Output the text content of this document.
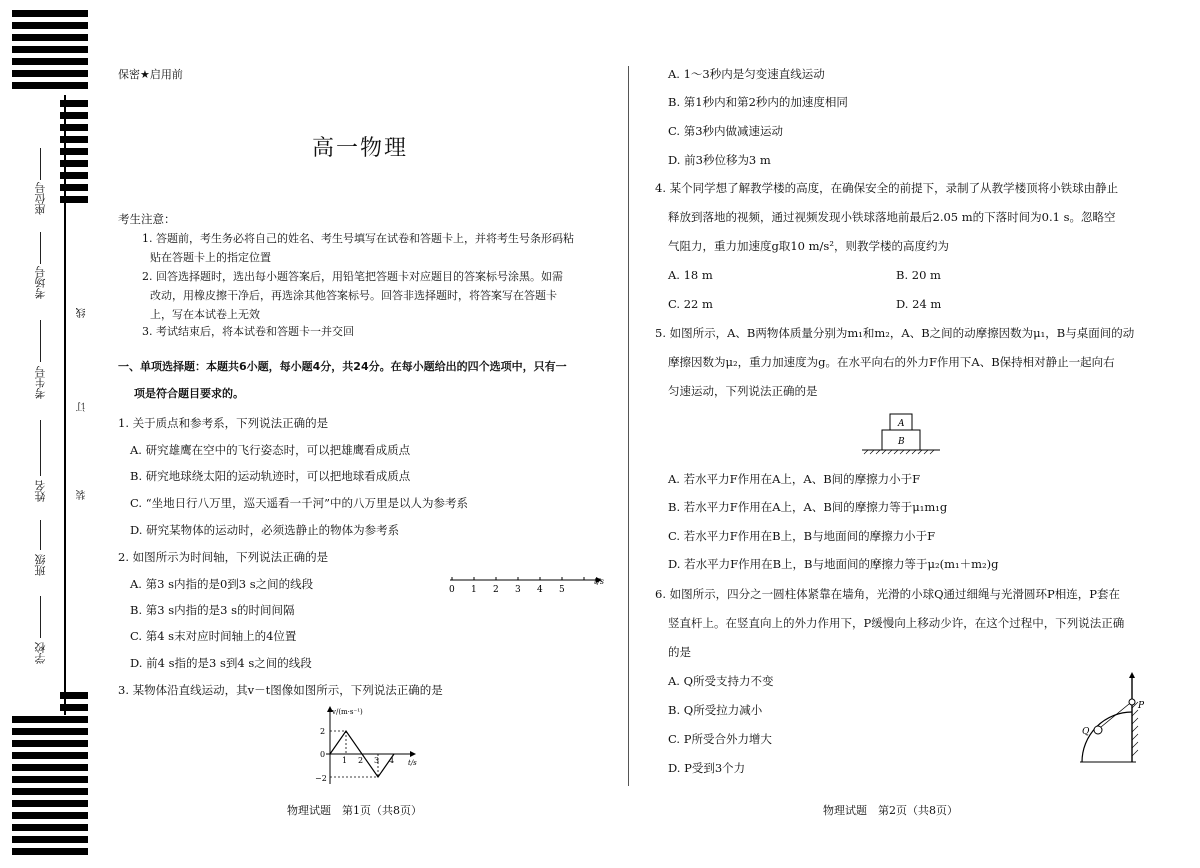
座位号
考场号
考生号
姓名
班级
学校
线
订
装
保密★启用前
高一物理
考生注意：
1. 答题前，考生务必将自己的姓名、考生号填写在试卷和答题卡上，并将考生号条形码粘
贴在答题卡上的指定位置
2. 回答选择题时，选出每小题答案后，用铅笔把答题卡对应题目的答案标号涂黑。如需
改动，用橡皮擦干净后，再选涂其他答案标号。回答非选择题时，将答案写在答题卡
上，写在本试卷上无效
3. 考试结束后，将本试卷和答题卡一并交回
一、单项选择题：本题共6小题，每小题4分，共24分。在每小题给出的四个选项中，只有一
项是符合题目要求的。
1. 关于质点和参考系，下列说法正确的是
A. 研究雄鹰在空中的飞行姿态时，可以把雄鹰看成质点
B. 研究地球绕太阳的运动轨迹时，可以把地球看成质点
C. “坐地日行八万里，巡天遥看一千河”中的八万里是以人为参考系
D. 研究某物体的运动时，必须选静止的物体为参考系
2. 如图所示为时间轴，下列说法正确的是
A. 第3 s内指的是0到3 s之间的线段
B. 第3 s内指的是3 s的时间间隔
C. 第4 s末对应时间轴上的4位置
D. 前4 s指的是3 s到4 s之间的线段
0 1 2 3 4 5
t/s
3. 某物体沿直线运动，其v－t图像如图所示，下列说法正确的是
v/(m·s⁻¹)
t/s
2
0
−2
1 2 3 4
物理试题　第1页（共8页）
A. 1～3秒内是匀变速直线运动
B. 第1秒内和第2秒内的加速度相同
C. 第3秒内做减速运动
D. 前3秒位移为3 m
4. 某个同学想了解教学楼的高度，在确保安全的前提下，录制了从教学楼顶将小铁球由静止
释放到落地的视频，通过视频发现小铁球落地前最后2.05 m的下落时间为0.1 s。忽略空
气阻力，重力加速度g取10 m/s²，则教学楼的高度约为
A. 18 m	B. 20 m
C. 22 m	D. 24 m
5. 如图所示，A、B两物体质量分别为m₁和m₂，A、B之间的动摩擦因数为μ₁，B与桌面间的动
摩擦因数为μ₂，重力加速度为g。在水平向右的外力F作用下A、B保持相对静止一起向右
匀速运动，下列说法正确的是
A
B
A. 若水平力F作用在A上，A、B间的摩擦力小于F
B. 若水平力F作用在A上，A、B间的摩擦力等于μ₁m₁g
C. 若水平力F作用在B上，B与地面间的摩擦力小于F
D. 若水平力F作用在B上，B与地面间的摩擦力等于μ₂(m₁＋m₂)g
6. 如图所示，四分之一圆柱体紧靠在墙角，光滑的小球Q通过细绳与光滑圆环P相连，P套在
竖直杆上。在竖直向上的外力作用下，P缓慢向上移动少许，在这个过程中，下列说法正确
的是
A. Q所受支持力不变
B. Q所受拉力减小
C. P所受合外力增大
D. P受到3个力
P
Q
物理试题　第2页（共8页）
